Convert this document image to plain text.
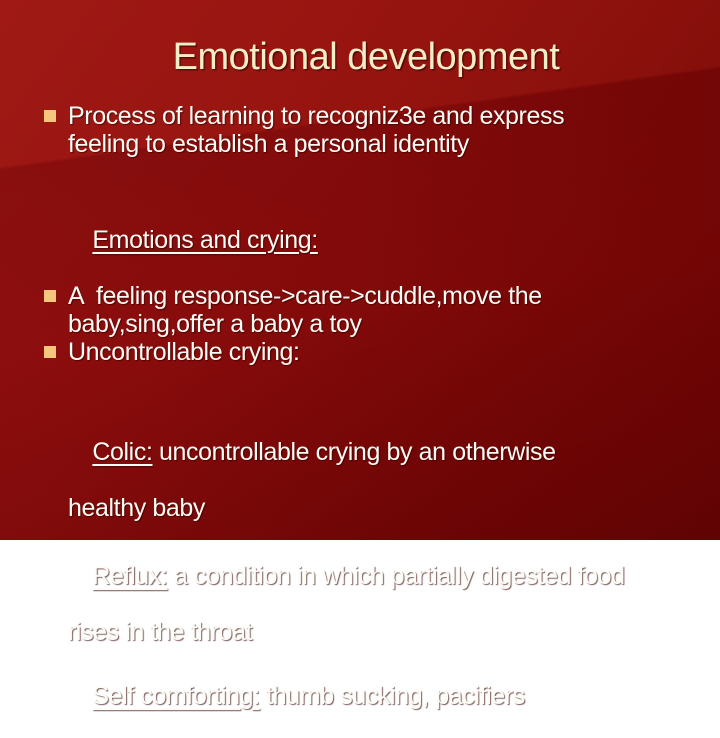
Emotional development
Process of learning to recogniz3e and express
feeling to establish a personal identity

Emotions and crying:

A  feeling response->care->cuddle,move the
baby,sing,offer a baby a toy
Uncontrollable crying:

Colic: uncontrollable crying by an otherwise

healthy baby

Reflux: a condition in which partially digested food

rises in the throat

Self comforting: thumb sucking, pacifiers
